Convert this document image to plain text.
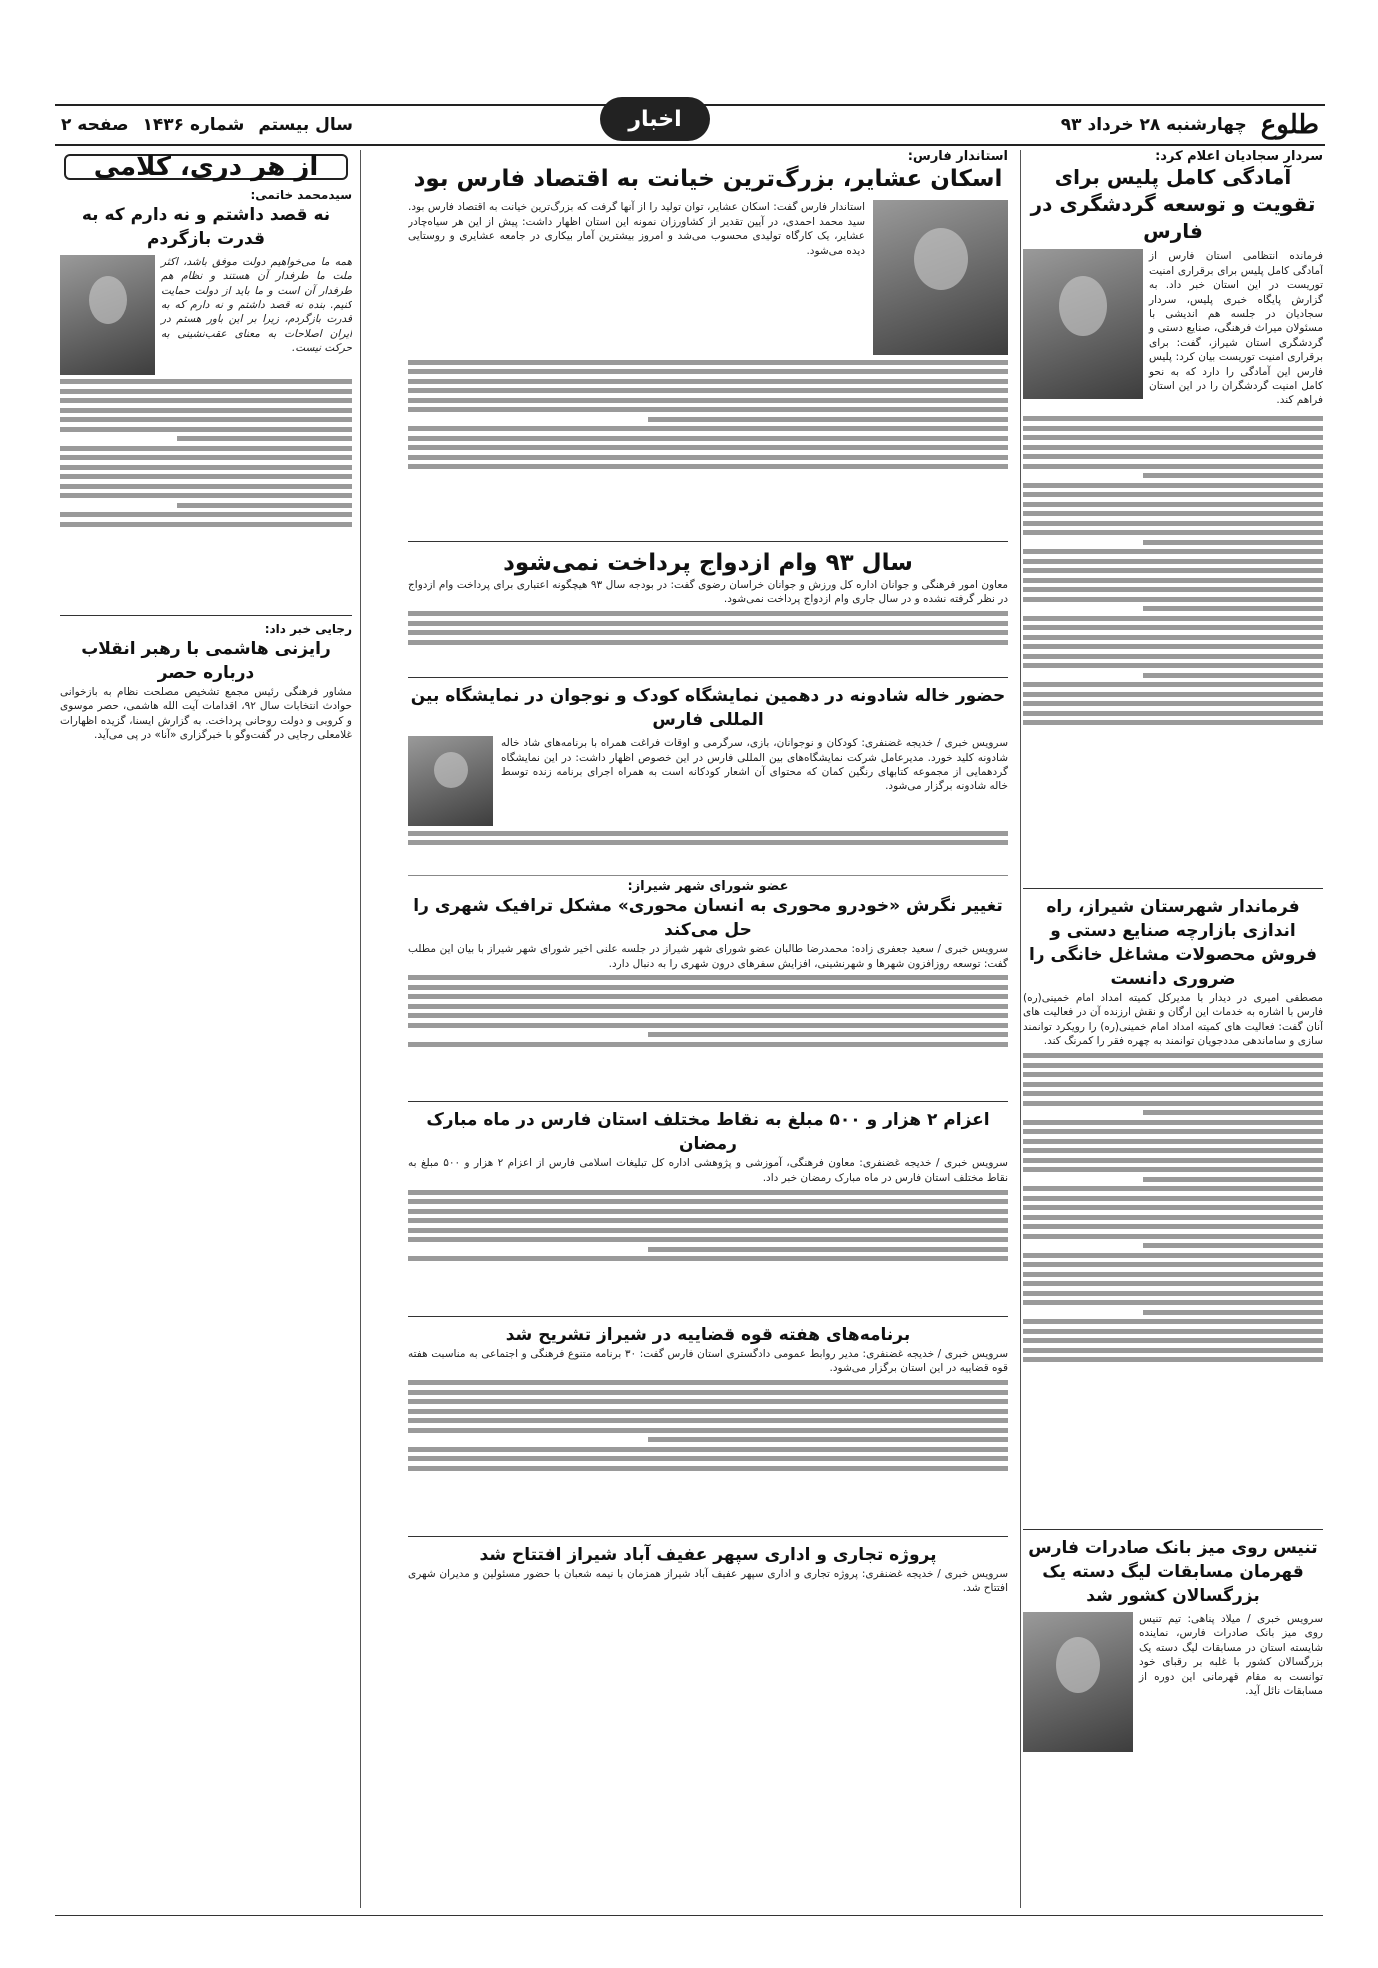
طلوع
چهارشنبه ۲۸ خرداد ۹۳
سال بیستم
شماره ۱۴۳۶
صفحه ۲	اخبار
سردار سجادیان اعلام کرد:
آمادگی کامل پلیس برای تقویت و توسعه گردشگری در فارس
فرمانده انتظامی استان فارس از آمادگی کامل پلیس برای برقراری امنیت توریست در این استان خبر داد. به گزارش پایگاه خبری پلیس، سردار سجادیان در جلسه هم اندیشی با مسئولان میراث فرهنگی، صنایع دستی و گردشگری استان شیراز، گفت: برای برقراری امنیت توریست بیان کرد: پلیس فارس این آمادگی را دارد که به نحو کامل امنیت گردشگران را در این استان فراهم کند.
فرماندار شهرستان شیراز، راه اندازی بازارچه صنایع دستی و فروش محصولات مشاغل خانگی را ضروری دانست
مصطفی امیری در دیدار با مدیرکل کمیته امداد امام خمینی(ره) فارس با اشاره به خدمات این ارگان و نقش ارزنده آن در فعالیت های آنان گفت: فعالیت های کمیته امداد امام خمینی(ره) را رویکرد توانمند سازی و ساماندهی مددجویان توانمند به چهره فقر را کمرنگ کند.
تنیس روی میز بانک صادرات فارس قهرمان مسابقات لیگ دسته یک بزرگسالان کشور شد
سرویس خبری / میلاد پناهی: تیم تنیس روی میز بانک صادرات فارس، نماینده شایسته استان در مسابقات لیگ دسته یک بزرگسالان کشور با غلبه بر رقبای خود توانست به مقام قهرمانی این دوره از مسابقات نائل آید.
استاندار فارس:
اسکان عشایر، بزرگ‌ترین خیانت به اقتصاد فارس بود
استاندار فارس گفت: اسکان عشایر، توان تولید را از آنها گرفت که بزرگ‌ترین خیانت به اقتصاد فارس بود. سید محمد احمدی، در آیین تقدیر از کشاورزان نمونه این استان اظهار داشت: پیش از این هر سیاه‌چادر عشایر، یک کارگاه تولیدی محسوب می‌شد و امروز بیشترین آمار بیکاری در جامعه عشایری و روستایی دیده می‌شود.
سال ۹۳ وام ازدواج پرداخت نمی‌شود
معاون امور فرهنگی و جوانان اداره کل ورزش و جوانان خراسان رضوی گفت: در بودجه سال ۹۳ هیچگونه اعتباری برای پرداخت وام ازدواج در نظر گرفته نشده و در سال جاری وام ازدواج پرداخت نمی‌شود.
حضور خاله شادونه در دهمین نمایشگاه کودک و نوجوان در نمایشگاه بین المللی فارس
سرویس خبری / خدیجه غضنفری: کودکان و نوجوانان، بازی، سرگرمی و اوقات فراغت همراه با برنامه‌های شاد خاله شادونه کلید خورد. مدیرعامل شرکت نمایشگاه‌های بین المللی فارس در این خصوص اظهار داشت: در این نمایشگاه گردهمایی از مجموعه کتابهای رنگین کمان که محتوای آن اشعار کودکانه است به همراه اجرای برنامه زنده توسط خاله شادونه برگزار می‌شود.
عضو شورای شهر شیراز:
تغییر نگرش «خودرو محوری به انسان محوری» مشکل ترافیک شهری را حل می‌کند
سرویس خبری / سعید جعفری زاده: محمدرضا طالبان عضو شورای شهر شیراز در جلسه علنی اخیر شورای شهر شیراز با بیان این مطلب گفت: توسعه روزافزون شهرها و شهرنشینی، افزایش سفرهای درون شهری را به دنبال دارد.
اعزام ۲ هزار و ۵۰۰ مبلغ به نقاط مختلف استان فارس در ماه مبارک رمضان
سرویس خبری / خدیجه غضنفری: معاون فرهنگی، آموزشی و پژوهشی اداره کل تبلیغات اسلامی فارس از اعزام ۲ هزار و ۵۰۰ مبلغ به نقاط مختلف استان فارس در ماه مبارک رمضان خبر داد.
برنامه‌های هفته قوه قضاییه در شیراز تشریح شد
سرویس خبری / خدیجه غضنفری: مدیر روابط عمومی دادگستری استان فارس گفت: ۳۰ برنامه متنوع فرهنگی و اجتماعی به مناسبت هفته قوه قضاییه در این استان برگزار می‌شود.
پروژه تجاری و اداری سپهر عفیف آباد شیراز افتتاح شد
سرویس خبری / خدیجه غضنفری: پروژه تجاری و اداری سپهر عفیف آباد شیراز همزمان با نیمه شعبان با حضور مسئولین و مدیران شهری افتتاح شد.
از هر دری، کلامی
سیدمحمد خاتمی:
نه قصد داشتم و نه دارم که به قدرت بازگردم
همه ما می‌خواهیم دولت موفق باشد، اکثر ملت ما طرفدار آن هستند و نظام هم طرفدار آن است و ما باید از دولت حمایت کنیم. بنده نه قصد داشتم و نه دارم که به قدرت بازگردم، زیرا بر این باور هستم در ایران اصلاحات به معنای عقب‌نشینی به حرکت نیست.
رجایی خبر داد:
رایزنی هاشمی با رهبر انقلاب درباره حصر
مشاور فرهنگی رئیس مجمع تشخیص مصلحت نظام به بازخوانی حوادث انتخابات سال ۹۲، اقدامات آیت الله هاشمی، حصر موسوی و کروبی و دولت روحانی پرداخت. به گزارش ایسنا، گزیده اظهارات غلامعلی رجایی در گفت‌وگو با خبرگزاری «آنا» در پی می‌آید.
